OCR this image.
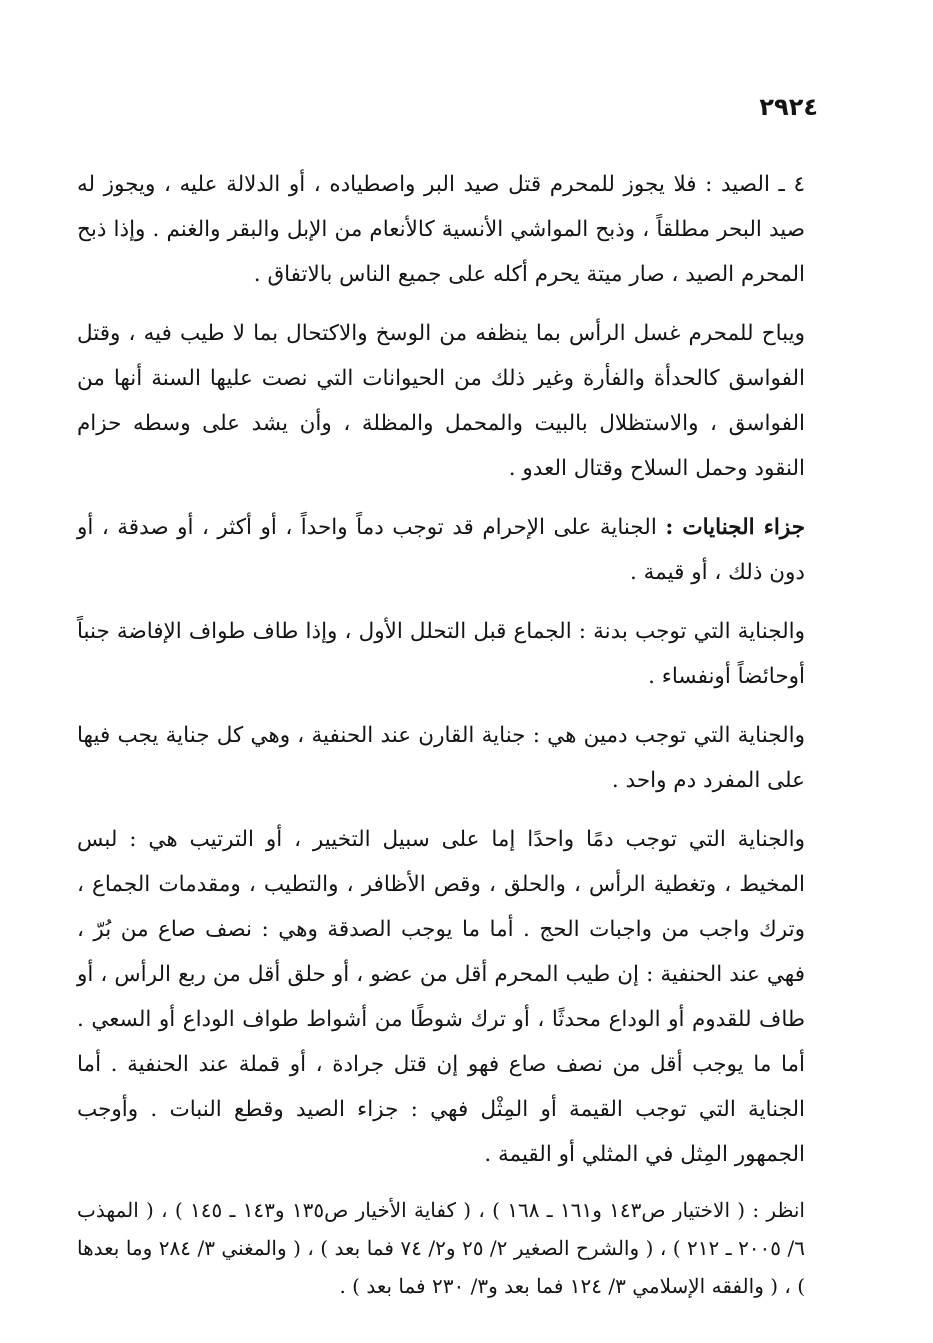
٢٩٢٤

٤ ـ الصيد : فلا يجوز للمحرم قتل صيد البر واصطياده ، أو الدلالة عليه ، ويجوز له صيد البحر مطلقاً ، وذبح المواشي الأنسية كالأنعام من الإبل والبقر والغنم . وإذا ذبح المحرم الصيد ، صار ميتة يحرم أكله على جميع الناس بالاتفاق .

ويباح للمحرم غسل الرأس بما ينظفه من الوسخ والاكتحال بما لا طيب فيه ، وقتل الفواسق كالحدأة والفأرة وغير ذلك من الحيوانات التي نصت عليها السنة أنها من الفواسق ، والاستظلال بالبيت والمحمل والمظلة ، وأن يشد على وسطه حزام النقود وحمل السلاح وقتال العدو .

جزاء الجنايات : الجناية على الإحرام قد توجب دماً واحداً ، أو أكثر ، أو صدقة ، أو دون ذلك ، أو قيمة .

والجناية التي توجب بدنة : الجماع قبل التحلل الأول ، وإذا طاف طواف الإفاضة جنباً أوحائضاً أونفساء .

والجناية التي توجب دمين هي : جناية القارن عند الحنفية ، وهي كل جناية يجب فيها على المفرد دم واحد .

والجناية التي توجب دمًا واحدًا إما على سبيل التخيير ، أو الترتيب هي : لبس المخيط ، وتغطية الرأس ، والحلق ، وقص الأظافر ، والتطيب ، ومقدمات الجماع ، وترك واجب من واجبات الحج . أما ما يوجب الصدقة وهي : نصف صاع من بُرّ ، فهي عند الحنفية : إن طيب المحرم أقل من عضو ، أو حلق أقل من ربع الرأس ، أو طاف للقدوم أو الوداع محدثًا ، أو ترك شوطًا من أشواط طواف الوداع أو السعي . أما ما يوجب أقل من نصف صاع فهو إن قتل جرادة ، أو قملة عند الحنفية . أما الجناية التي توجب القيمة أو المِثْل فهي : جزاء الصيد وقطع النبات . وأوجب الجمهور المِثل في المثلي أو القيمة .

انظر : ( الاختيار ص١٤٣ و١٦١ ـ ١٦٨ ) ، ( كفاية الأخيار ص١٣٥ و١٤٣ ـ ١٤٥ ) ، ( المهذب ٦/ ٢٠٠٥ ـ ٢١٢ ) ، ( والشرح الصغير ٢/ ٢٥ و٢/ ٧٤ فما بعد ) ، ( والمغني ٣/ ٢٨٤ وما بعدها ) ، ( والفقه الإسلامي ٣/ ١٢٤ فما بعد و٣/ ٢٣٠ فما بعد ) .
